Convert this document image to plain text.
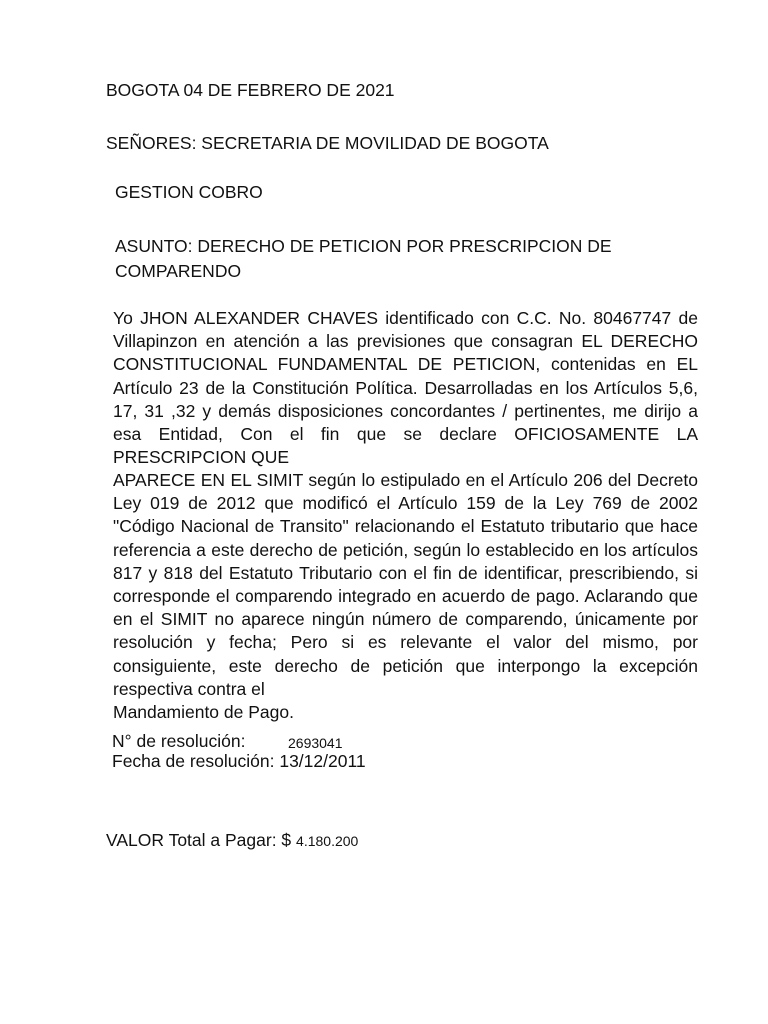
BOGOTA 04 DE FEBRERO DE 2021

SEÑORES: SECRETARIA DE MOVILIDAD DE BOGOTA

GESTION COBRO

ASUNTO: DERECHO DE PETICION POR PRESCRIPCION DE COMPARENDO

Yo JHON ALEXANDER CHAVES identificado con C.C. No. 80467747 de Villapinzon en atención a las previsiones que consagran EL DERECHO CONSTITUCIONAL FUNDAMENTAL DE PETICION, contenidas en EL Artículo 23 de la Constitución Política. Desarrolladas en los Artículos 5,6, 17, 31 ,32 y demás disposiciones concordantes / pertinentes, me dirijo a esa Entidad, Con el fin que se declare OFICIOSAMENTE LA PRESCRIPCION QUE
APARECE EN EL SIMIT según lo estipulado en el Artículo 206 del Decreto Ley 019 de 2012 que modificó el Artículo 159 de la Ley 769 de 2002 "Código Nacional de Transito" relacionando el Estatuto tributario que hace referencia a este derecho de petición, según lo establecido en los artículos 817 y 818 del Estatuto Tributario con el fin de identificar, prescribiendo, si corresponde el comparendo integrado en acuerdo de pago. Aclarando que en el SIMIT no aparece ningún número de comparendo, únicamente por resolución y fecha; Pero si es relevante el valor del mismo, por consiguiente, este derecho de petición que interpongo la excepción respectiva contra el
Mandamiento de Pago.

N° de resolución:	2693041

Fecha de resolución: 13/12/2011

VALOR Total a Pagar: $ 4.180.200
